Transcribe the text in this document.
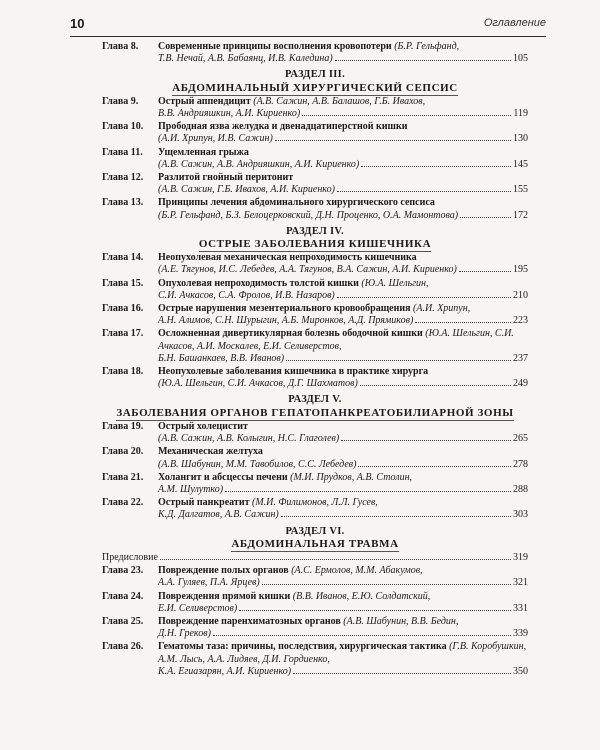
10	Оглавление
Глава 8. Современные принципы восполнения кровопотери (Б.Р. Гельфанд,
Т.В. Нечай, А.В. Бабаянц, И.В. Каледина)	105
РАЗДЕЛ III.
АБДОМИНАЛЬНЫЙ ХИРУРГИЧЕСКИЙ СЕПСИС
Глава 9. Острый аппендицит (А.В. Сажин, А.В. Балашов, Г.Б. Ивахов,
В.В. Андрияшкин, А.И. Кириенко)	119
Глава 10. Прободная язва желудка и двенадцатиперстной кишки
(А.И. Хрипун, И.В. Сажин)	130
Глава 11. Ущемленная грыжа
(А.В. Сажин, А.В. Андрияшкин, А.И. Кириенко)	145
Глава 12. Разлитой гнойный перитонит
(А.В. Сажин, Г.Б. Ивахов, А.И. Кириенко)	155
Глава 13. Принципы лечения абдоминального хирургического сепсиса
(Б.Р. Гельфанд, Б.З. Белоцерковский, Д.Н. Проценко, О.А. Мамонтова)	172
РАЗДЕЛ IV.
ОСТРЫЕ ЗАБОЛЕВАНИЯ КИШЕЧНИКА
Глава 14. Неопухолевая механическая непроходимость кишечника
(А.Е. Тягунов, И.С. Лебедев, А.А. Тягунов, В.А. Сажин, А.И. Кириенко)	195
Глава 15. Опухолевая непроходимость толстой кишки (Ю.А. Шельгин,
С.И. Ачкасов, С.А. Фролов, И.В. Назаров)	210
Глава 16. Острые нарушения мезентериального кровообращения (А.И. Хрипун,
А.Н. Алимов, С.Н. Шурыгин, А.Б. Миронков, А.Д. Прямиков)	223
Глава 17. Осложненная дивертикулярная болезнь ободочной кишки (Ю.А. Шельгин, С.И. Ачкасов, А.И. Москалев, Е.И. Селиверстов,
Б.Н. Башанкаев, В.В. Иванов)	237
Глава 18. Неопухолевые заболевания кишечника в практике хирурга
(Ю.А. Шельгин, С.И. Ачкасов, Д.Г. Шахматов)	249
РАЗДЕЛ V.
ЗАБОЛЕВАНИЯ ОРГАНОВ ГЕПАТОПАНКРЕАТОБИЛИАРНОЙ ЗОНЫ
Глава 19. Острый холецистит
(А.В. Сажин, А.В. Колыгин, Н.С. Глаголев)	265
Глава 20. Механическая желтуха
(А.В. Шабунин, М.М. Тавобилов, С.С. Лебедев)	278
Глава 21. Холангит и абсцессы печени (М.И. Прудков, А.В. Столин,
А.М. Шулутко)	288
Глава 22. Острый панкреатит (М.И. Филимонов, Л.Л. Гусев,
К.Д. Далгатов, А.В. Сажин)	303
РАЗДЕЛ VI.
АБДОМИНАЛЬНАЯ ТРАВМА
Предисловие	319
Глава 23. Повреждение полых органов (А.С. Ермолов, М.М. Абакумов,
А.А. Гуляев, П.А. Ярцев)	321
Глава 24. Повреждения прямой кишки (В.В. Иванов, Е.Ю. Солдатский,
Е.И. Селиверстов)	331
Глава 25. Повреждение паренхиматозных органов (А.В. Шабунин, В.В. Бедин,
Д.Н. Греков)	339
Глава 26. Гематомы таза: причины, последствия, хирургическая тактика (Г.В. Коробушкин, А.М. Лысь, А.А. Лидяев, Д.И. Гордиенко,
К.А. Егиазарян, А.И. Кириенко)	350
